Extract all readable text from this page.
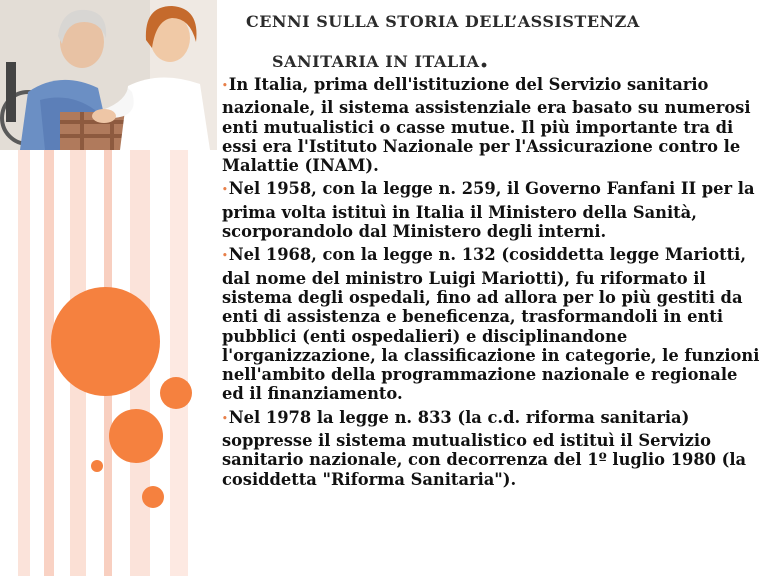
CENNI SULLA STORIA DELL’ASSISTENZA
SANITARIA IN ITALIA.

•In Italia, prima dell'istituzione del Servizio sanitario nazionale, il sistema assistenziale era basato su numerosi enti mutualistici o casse mutue. Il più importante tra di essi era l'Istituto Nazionale per l'Assicurazione contro le Malattie (INAM).

•Nel 1958, con la legge n. 259, il Governo Fanfani II per la prima volta istituì in Italia il Ministero della Sanità, scorporandolo dal Ministero degli interni.

•Nel 1968, con la legge n. 132 (cosiddetta legge Mariotti, dal nome del ministro Luigi Mariotti), fu riformato il sistema degli ospedali, fino ad allora per lo più gestiti da enti di assistenza e beneficenza, trasformandoli in enti pubblici (enti ospedalieri) e disciplinandone l'organizzazione, la classificazione in categorie, le funzioni nell'ambito della programmazione nazionale e regionale ed il finanziamento.

•Nel 1978 la legge n. 833 (la c.d. riforma sanitaria) soppresse il sistema mutualistico ed istituì il Servizio sanitario nazionale, con decorrenza del 1º luglio 1980 (la cosiddetta "Riforma Sanitaria").
